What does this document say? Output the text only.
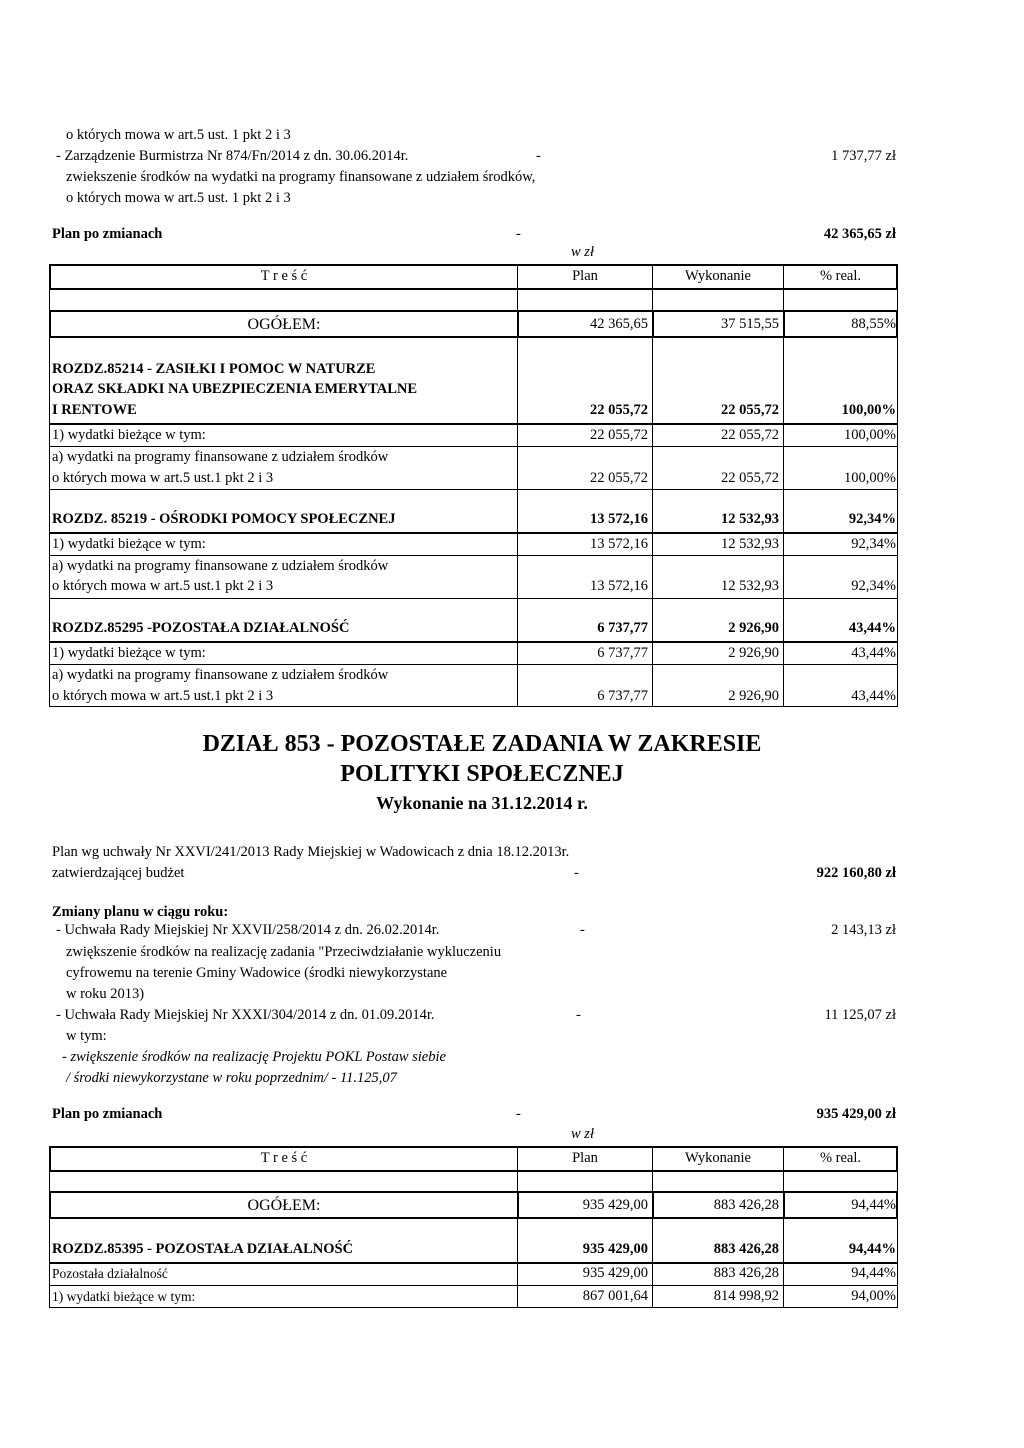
o których mowa w art.5 ust. 1 pkt 2 i 3
- Zarządzenie Burmistrza Nr 874/Fn/2014 z dn. 30.06.2014r.	-	1 737,77 zł
zwiekszenie środków na wydatki na programy finansowane z udziałem środków,
o których mowa w art.5 ust. 1 pkt 2 i 3
Plan po zmianach	-	42 365,65 zł
w zł
T r e ś ć	Plan	Wykonanie	% real.
OGÓŁEM:	42 365,65	37 515,55	88,55%
ROZDZ.85214 - ZASIŁKI I POMOC W NATURZE
ORAZ SKŁADKI NA UBEZPIECZENIA EMERYTALNE
I RENTOWE	22 055,72	22 055,72	100,00%
1) wydatki bieżące w tym:	22 055,72	22 055,72	100,00%
a) wydatki na programy finansowane z udziałem środków
o których mowa w art.5 ust.1 pkt 2 i 3	22 055,72	22 055,72	100,00%
ROZDZ. 85219 - OŚRODKI POMOCY SPOŁECZNEJ	13 572,16	12 532,93	92,34%
1) wydatki bieżące w tym:	13 572,16	12 532,93	92,34%
a) wydatki na programy finansowane z udziałem środków
o których mowa w art.5 ust.1 pkt 2 i 3	13 572,16	12 532,93	92,34%
ROZDZ.85295 -POZOSTAŁA DZIAŁALNOŚĆ	6 737,77	2 926,90	43,44%
1) wydatki bieżące w tym:	6 737,77	2 926,90	43,44%
a) wydatki na programy finansowane z udziałem środków
o których mowa w art.5 ust.1 pkt 2 i 3	6 737,77	2 926,90	43,44%
DZIAŁ 853 - POZOSTAŁE ZADANIA W ZAKRESIE
POLITYKI SPOŁECZNEJ
Wykonanie na 31.12.2014 r.
Plan wg uchwały Nr XXVI/241/2013 Rady Miejskiej w Wadowicach z dnia 18.12.2013r.
zatwierdzającej budżet	-	922 160,80 zł
Zmiany planu w ciągu roku:
- Uchwała Rady Miejskiej Nr XXVII/258/2014 z dn. 26.02.2014r.	-	2 143,13 zł
zwiększenie środków na realizację zadania "Przeciwdziałanie wykluczeniu
cyfrowemu na terenie Gminy Wadowice (środki niewykorzystane
w roku 2013)
- Uchwała Rady Miejskiej Nr XXXI/304/2014 z dn. 01.09.2014r.	-	11 125,07 zł
w tym:
- zwiększenie środków na realizację Projektu POKL Postaw siebie
/ środki niewykorzystane w roku poprzednim/ - 11.125,07
Plan po zmianach	-	935 429,00 zł
w zł
T r e ś ć	Plan	Wykonanie	% real.
OGÓŁEM:	935 429,00	883 426,28	94,44%
ROZDZ.85395 - POZOSTAŁA DZIAŁALNOŚĆ	935 429,00	883 426,28	94,44%
Pozostała działalność	935 429,00	883 426,28	94,44%
1) wydatki bieżące w tym:	867 001,64	814 998,92	94,00%
